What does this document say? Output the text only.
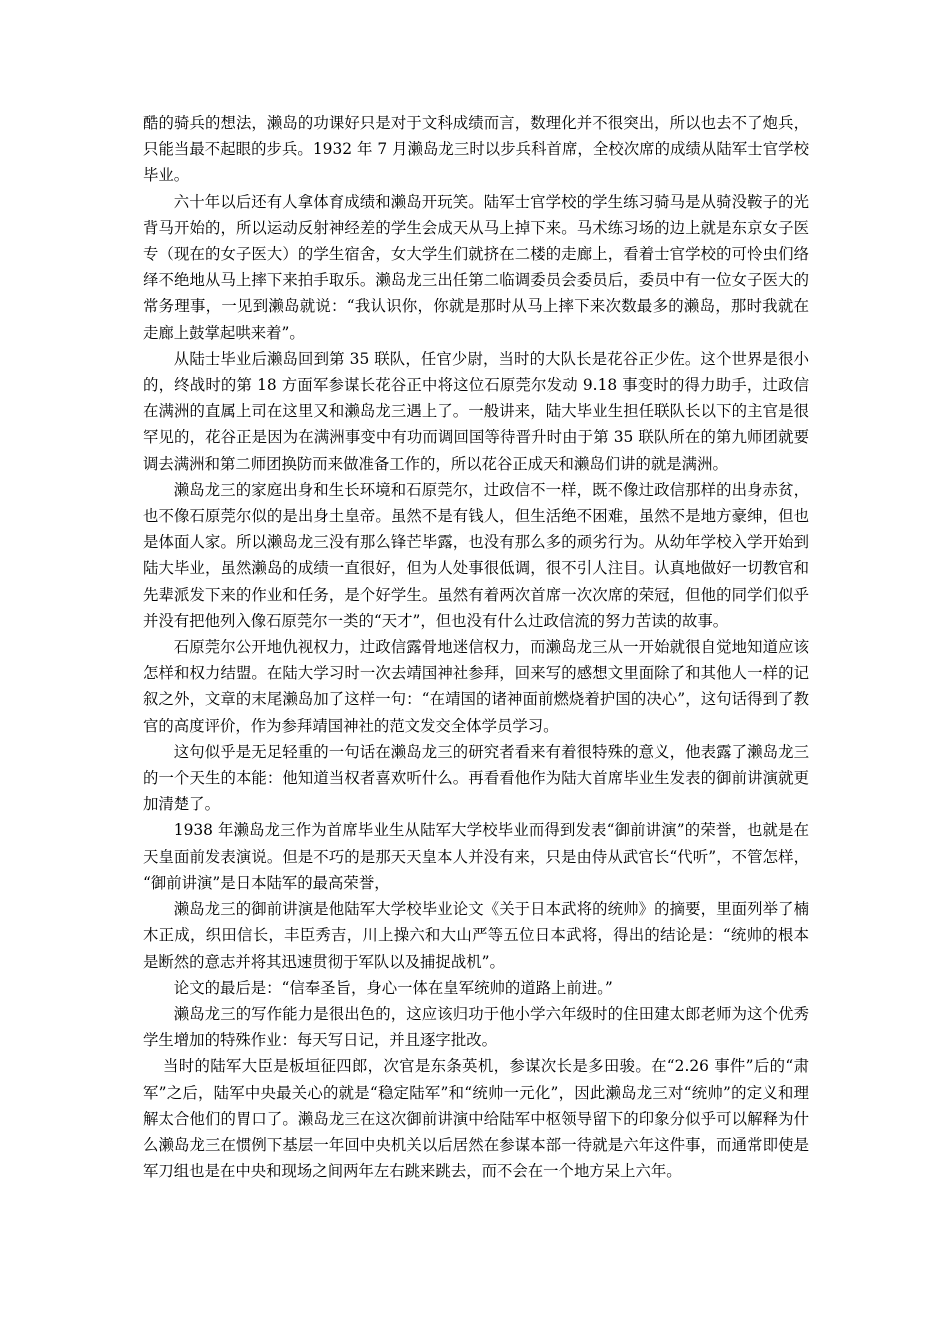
酷的骑兵的想法，濑岛的功课好只是对于文科成绩而言，数理化并不很突出，所以也去不了炮兵，只能当最不起眼的步兵。1932 年 7 月濑岛龙三时以步兵科首席，全校次席的成绩从陆军士官学校毕业。

六十年以后还有人拿体育成绩和濑岛开玩笑。陆军士官学校的学生练习骑马是从骑没鞍子的光背马开始的，所以运动反射神经差的学生会成天从马上掉下来。马术练习场的边上就是东京女子医专（现在的女子医大）的学生宿舍，女大学生们就挤在二楼的走廊上，看着士官学校的可怜虫们络绎不绝地从马上摔下来拍手取乐。濑岛龙三出任第二临调委员会委员后，委员中有一位女子医大的常务理事，一见到濑岛就说：“我认识你，你就是那时从马上摔下来次数最多的濑岛，那时我就在走廊上鼓掌起哄来着”。

从陆士毕业后濑岛回到第 35 联队，任官少尉，当时的大队长是花谷正少佐。这个世界是很小的，终战时的第 18 方面军参谋长花谷正中将这位石原莞尔发动 9.18 事变时的得力助手，辻政信在满洲的直属上司在这里又和濑岛龙三遇上了。一般讲来，陆大毕业生担任联队长以下的主官是很罕见的，花谷正是因为在满洲事变中有功而调回国等待晋升时由于第 35 联队所在的第九师团就要调去满洲和第二师团换防而来做准备工作的，所以花谷正成天和濑岛们讲的就是满洲。

濑岛龙三的家庭出身和生长环境和石原莞尔，辻政信不一样，既不像辻政信那样的出身赤贫，也不像石原莞尔似的是出身土皇帝。虽然不是有钱人，但生活绝不困难，虽然不是地方豪绅，但也是体面人家。所以濑岛龙三没有那么锋芒毕露，也没有那么多的顽劣行为。从幼年学校入学开始到陆大毕业，虽然濑岛的成绩一直很好，但为人处事很低调，很不引人注目。认真地做好一切教官和先辈派发下来的作业和任务，是个好学生。虽然有着两次首席一次次席的荣冠，但他的同学们似乎并没有把他列入像石原莞尔一类的“天才”，但也没有什么辻政信流的努力苦读的故事。

石原莞尔公开地仇视权力，辻政信露骨地迷信权力，而濑岛龙三从一开始就很自觉地知道应该怎样和权力结盟。在陆大学习时一次去靖国神社参拜，回来写的感想文里面除了和其他人一样的记叙之外，文章的末尾濑岛加了这样一句：“在靖国的诸神面前燃烧着护国的决心”，这句话得到了教官的高度评价，作为参拜靖国神社的范文发交全体学员学习。

这句似乎是无足轻重的一句话在濑岛龙三的研究者看来有着很特殊的意义，他表露了濑岛龙三的一个天生的本能：他知道当权者喜欢听什么。再看看他作为陆大首席毕业生发表的御前讲演就更加清楚了。

1938 年濑岛龙三作为首席毕业生从陆军大学校毕业而得到发表“御前讲演”的荣誉，也就是在天皇面前发表演说。但是不巧的是那天天皇本人并没有来，只是由侍从武官长“代听”，不管怎样，“御前讲演”是日本陆军的最高荣誉，

濑岛龙三的御前讲演是他陆军大学校毕业论文《关于日本武将的统帅》的摘要，里面列举了楠木正成，织田信长，丰臣秀吉，川上操六和大山严等五位日本武将，得出的结论是：“统帅的根本是断然的意志并将其迅速贯彻于军队以及捕捉战机”。

论文的最后是：“信奉圣旨，身心一体在皇军统帅的道路上前进。”

濑岛龙三的写作能力是很出色的，这应该归功于他小学六年级时的住田建太郎老师为这个优秀学生增加的特殊作业：每天写日记，并且逐字批改。

当时的陆军大臣是板垣征四郎，次官是东条英机，参谋次长是多田骏。在“2.26 事件”后的“肃军”之后，陆军中央最关心的就是“稳定陆军”和“统帅一元化”，因此濑岛龙三对“统帅”的定义和理解太合他们的胃口了。濑岛龙三在这次御前讲演中给陆军中枢领导留下的印象分似乎可以解释为什么濑岛龙三在惯例下基层一年回中央机关以后居然在参谋本部一待就是六年这件事，而通常即使是军刀组也是在中央和现场之间两年左右跳来跳去，而不会在一个地方呆上六年。
